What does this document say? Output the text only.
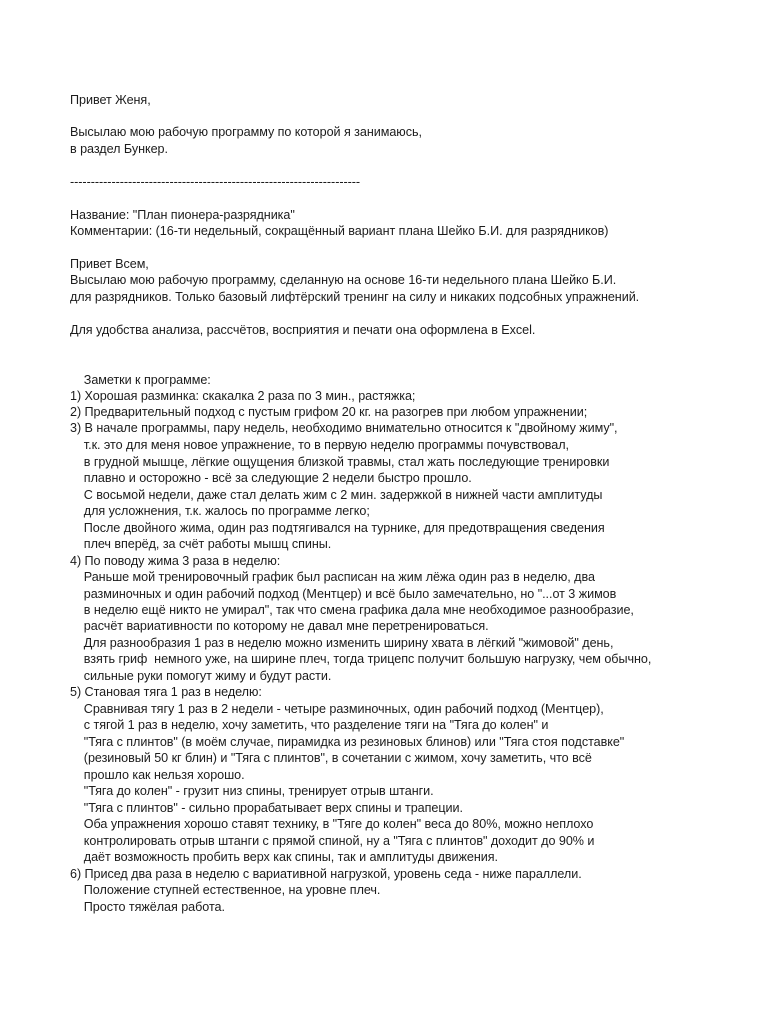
Привет Женя,
Высылаю мою рабочую программу по которой я занимаюсь,
в раздел Бункер.
----------------------------------------------------------------------
Название: "План пионера-разрядника"
Комментарии: (16-ти недельный, сокращённый вариант плана Шейко Б.И. для разрядников)
Привет Всем,
Высылаю мою рабочую программу, сделанную на основе 16-ти недельного плана Шейко Б.И.
для разрядников. Только базовый лифтёрский тренинг на силу и никаких подсобных упражнений.
Для удобства анализа, рассчётов, восприятия и печати она оформлена в Excel.
Заметки к программе:
1) Хорошая разминка: скакалка 2 раза по 3 мин., растяжка;
2) Предварительный подход с пустым грифом 20 кг. на разогрев при любом упражнении;
3) В начале программы, пару недель, необходимо внимательно относится к "двойному жиму",
т.к. это для меня новое упражнение, то в первую неделю программы почувствовал,
в грудной мышце, лёгкие ощущения близкой травмы, стал жать последующие тренировки
плавно и осторожно - всё за следующие 2 недели быстро прошло.
С восьмой недели, даже стал делать жим с 2 мин. задержкой в нижней части амплитуды
для усложнения, т.к. жалось по программе легко;
После двойного жима, один раз подтягивался на турнике, для предотвращения сведения
плеч вперёд, за счёт работы мышц спины.
4) По поводу жима 3 раза в неделю:
Раньше мой тренировочный график был расписан на жим лёжа один раз в неделю, два
разминочных и один рабочий подход (Ментцер) и всё было замечательно, но "...от 3 жимов
в неделю ещё никто не умирал", так что смена графика дала мне необходимое разнообразие,
расчёт вариативности по которому не давал мне перетренироваться.
Для разнообразия 1 раз в неделю можно изменить ширину хвата в лёгкий "жимовой" день,
взять гриф  немного уже, на ширине плеч, тогда трицепс получит большую нагрузку, чем обычно,
сильные руки помогут жиму и будут расти.
5) Становая тяга 1 раз в неделю:
Сравнивая тягу 1 раз в 2 недели - четыре разминочных, один рабочий подход (Ментцер),
с тягой 1 раз в неделю, хочу заметить, что разделение тяги на "Тяга до колен" и
"Тяга с плинтов" (в моём случае, пирамидка из резиновых блинов) или "Тяга стоя подставке"
(резиновый 50 кг блин) и "Тяга с плинтов", в сочетании с жимом, хочу заметить, что всё
прошло как нельзя хорошо.
"Тяга до колен" - грузит низ спины, тренирует отрыв штанги.
"Тяга с плинтов" - сильно прорабатывает верх спины и трапеции.
Оба упражнения хорошо ставят технику, в "Тяге до колен" веса до 80%, можно неплохо
контролировать отрыв штанги с прямой спиной, ну а "Тяга с плинтов" доходит до 90% и
даёт возможность пробить верх как спины, так и амплитуды движения.
6) Присед два раза в неделю с вариативной нагрузкой, уровень седа - ниже параллели.
Положение ступней естественное, на уровне плеч.
Просто тяжёлая работа.
